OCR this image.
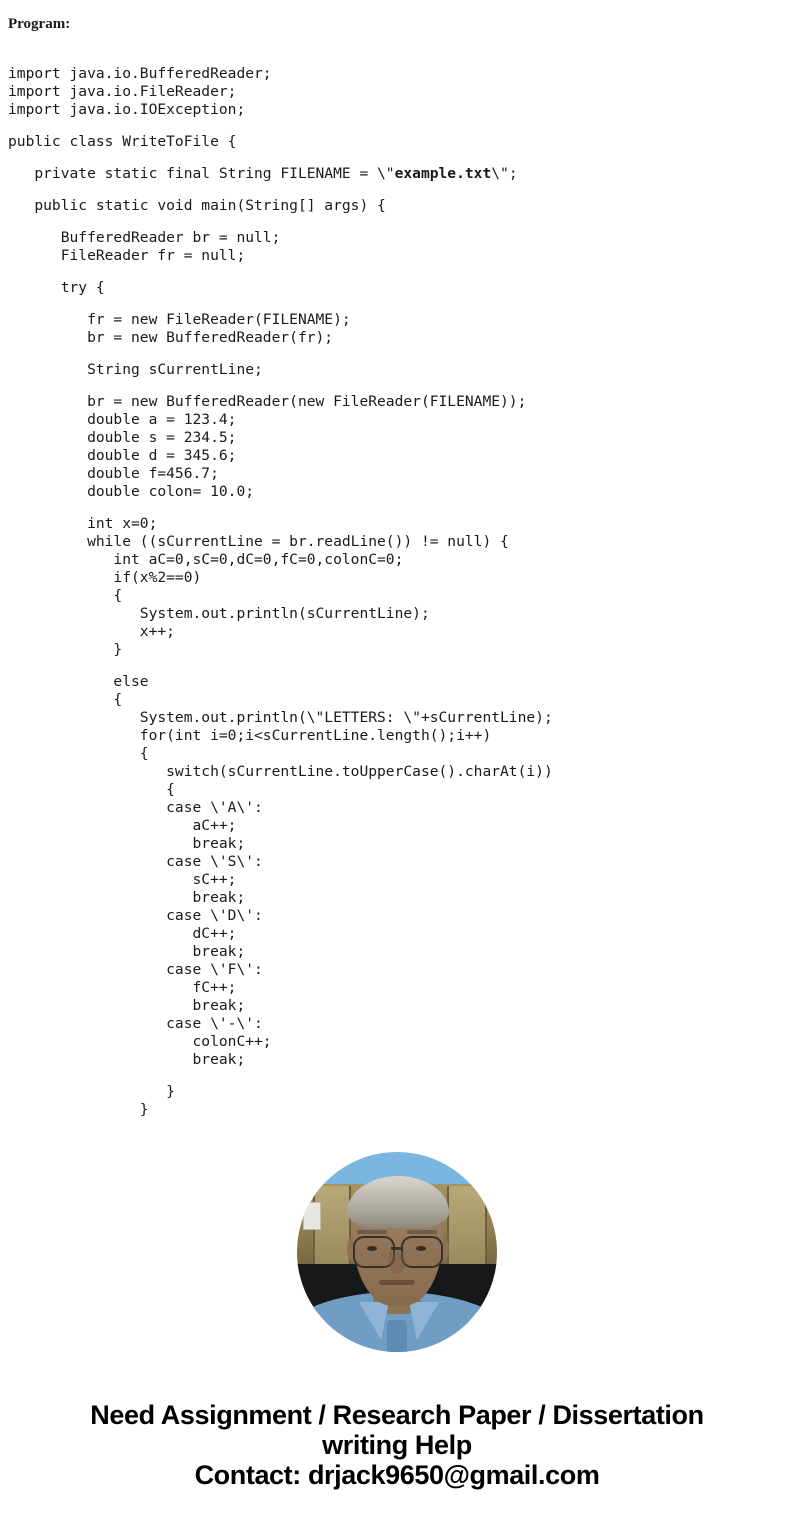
Program:
import java.io.BufferedReader;
import java.io.FileReader;
import java.io.IOException;

public class WriteToFile {

private static final String FILENAME = \"example.txt\";

public static void main(String[] args) {

BufferedReader br = null;
FileReader fr = null;

try {

fr = new FileReader(FILENAME);
br = new BufferedReader(fr);

String sCurrentLine;

br = new BufferedReader(new FileReader(FILENAME));
double a = 123.4;
double s = 234.5;
double d = 345.6;
double f=456.7;
double colon= 10.0;

int x=0;
while ((sCurrentLine = br.readLine()) != null) {
int aC=0,sC=0,dC=0,fC=0,colonC=0;
if(x%2==0)
{
System.out.println(sCurrentLine);
x++;
}

else
{
System.out.println(\"LETTERS: \"+sCurrentLine);
for(int i=0;i<sCurrentLine.length();i++)
{
switch(sCurrentLine.toUpperCase().charAt(i))
{
case \'A\':
aC++;
break;
case \'S\':
sC++;
break;
case \'D\':
dC++;
break;
case \'F\':
fC++;
break;
case \'-\':
colonC++;
break;

}
}
Need Assignment / Research Paper / Dissertation
writing Help
Contact: drjack9650@gmail.com
